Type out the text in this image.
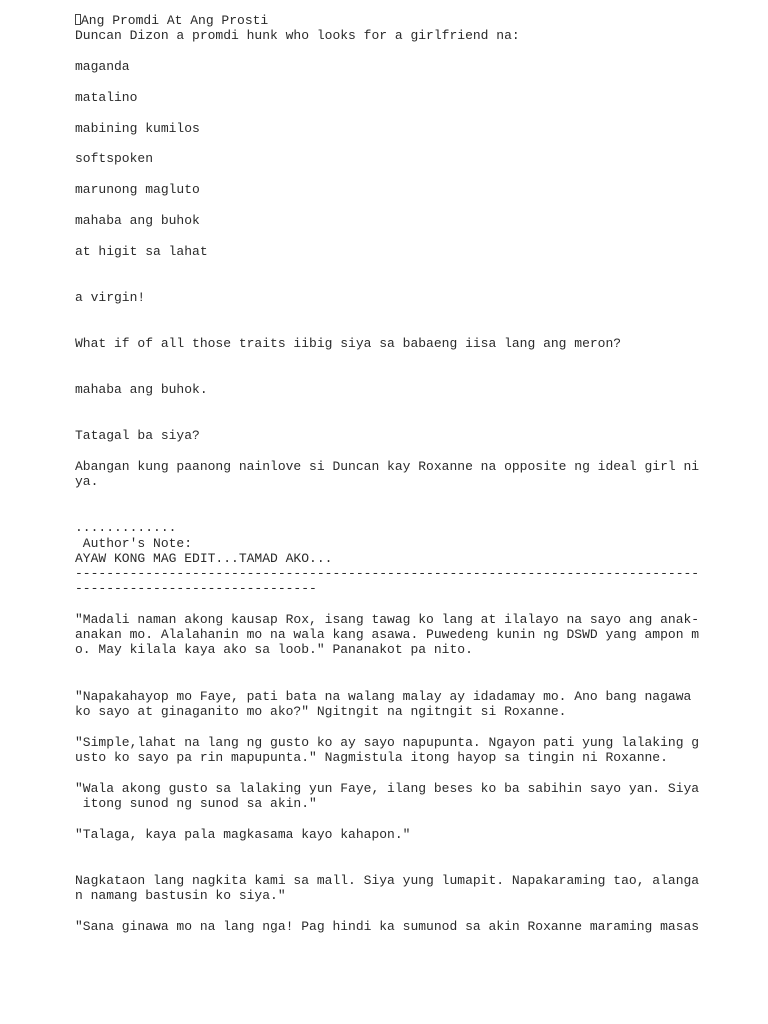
Ang Promdi At Ang Prosti
Duncan Dizon a promdi hunk who looks for a girlfriend na:
maganda
matalino
mabining kumilos
softspoken
marunong magluto
mahaba ang buhok
at higit sa lahat
a virgin!
What if of all those traits iibig siya sa babaeng iisa lang ang meron?
mahaba ang buhok.
Tatagal ba siya?
Abangan kung paanong nainlove si Duncan kay Roxanne na opposite ng ideal girl ni
ya.
.............
Author's Note:
AYAW KONG MAG EDIT...TAMAD AKO...
--------------------------------------------------------------------------------
-------------------------------
"Madali naman akong kausap Rox, isang tawag ko lang at ilalayo na sayo ang anak-
anakan mo. Alalahanin mo na wala kang asawa. Puwedeng kunin ng DSWD yang ampon m
o. May kilala kaya ako sa loob." Pananakot pa nito.
"Napakahayop mo Faye, pati bata na walang malay ay idadamay mo. Ano bang nagawa
ko sayo at ginaganito mo ako?" Ngitngit na ngitngit si Roxanne.
"Simple,lahat na lang ng gusto ko ay sayo napupunta. Ngayon pati yung lalaking g
usto ko sayo pa rin mapupunta." Nagmistula itong hayop sa tingin ni Roxanne.
"Wala akong gusto sa lalaking yun Faye, ilang beses ko ba sabihin sayo yan. Siya
itong sunod ng sunod sa akin."
"Talaga, kaya pala magkasama kayo kahapon."
Nagkataon lang nagkita kami sa mall. Siya yung lumapit. Napakaraming tao, alanga
n namang bastusin ko siya."
"Sana ginawa mo na lang nga! Pag hindi ka sumunod sa akin Roxanne maraming masas
